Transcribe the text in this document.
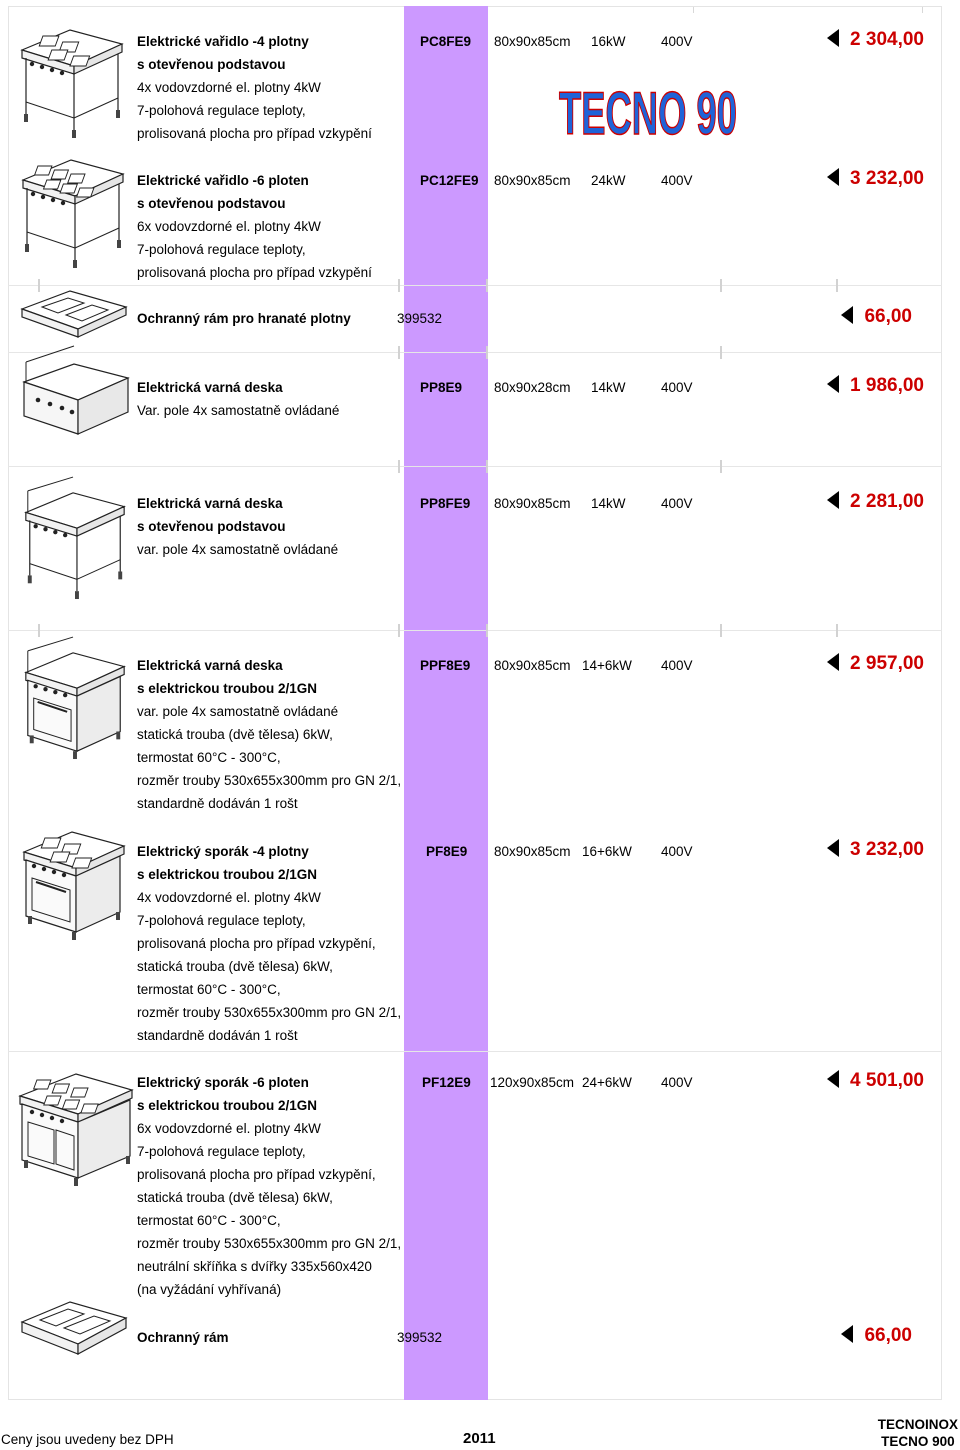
Elektrické vařidlo -4 plotny
s otevřenou podstavou
4x vodovzdorné el. plotny 4kW
7-polohová regulace teploty,
prolisovaná plocha pro případ vzkypění
PC8FE9 80x90x85cm 16kW	400V	2 304,00
TECNO 90
Elektrické vařidlo -6 ploten
s otevřenou podstavou
6x vodovzdorné el. plotny 4kW
7-polohová regulace teploty,
prolisovaná plocha pro případ vzkypění
PC12FE9 80x90x85cm 24kW	400V	3 232,00
Ochranný rám pro hranaté plotny	399532	66,00
Elektrická varná deska
Var. pole 4x samostatně ovládané
PP8E9 80x90x28cm 14kW	400V	1 986,00
Elektrická varná deska
s otevřenou podstavou
var. pole 4x samostatně ovládané
PP8FE9 80x90x85cm 14kW	400V	2 281,00
Elektrická varná deska
s elektrickou troubou 2/1GN
var. pole 4x samostatně ovládané
statická trouba (dvě tělesa) 6kW,
termostat 60°C - 300°C,
rozměr trouby 530x655x300mm pro GN 2/1,
standardně dodáván 1 rošt
PPF8E9 80x90x85cm 14+6kW 400V	2 957,00
Elektrický sporák -4 plotny
s elektrickou troubou 2/1GN
4x vodovzdorné el. plotny 4kW
7-polohová regulace teploty,
prolisovaná plocha pro případ vzkypění,
statická trouba (dvě tělesa) 6kW,
termostat 60°C - 300°C,
rozměr trouby 530x655x300mm pro GN 2/1,
standardně dodáván 1 rošt
PF8E9 80x90x85cm 16+6kW 400V	3 232,00
Elektrický sporák -6 ploten
s elektrickou troubou 2/1GN
6x vodovzdorné el. plotny 4kW
7-polohová regulace teploty,
prolisovaná plocha pro případ vzkypění,
statická trouba (dvě tělesa) 6kW,
termostat 60°C - 300°C,
rozměr trouby 530x655x300mm pro GN 2/1,
neutrální skříňka s dvířky 335x560x420
(na vyžádání vyhřívaná)
PF12E9 120x90x85cm 24+6kW 400V	4 501,00
Ochranný rám	399532	66,00
Ceny jsou uvedeny bez DPH	2011
TECNOINOX
TECNO 900
